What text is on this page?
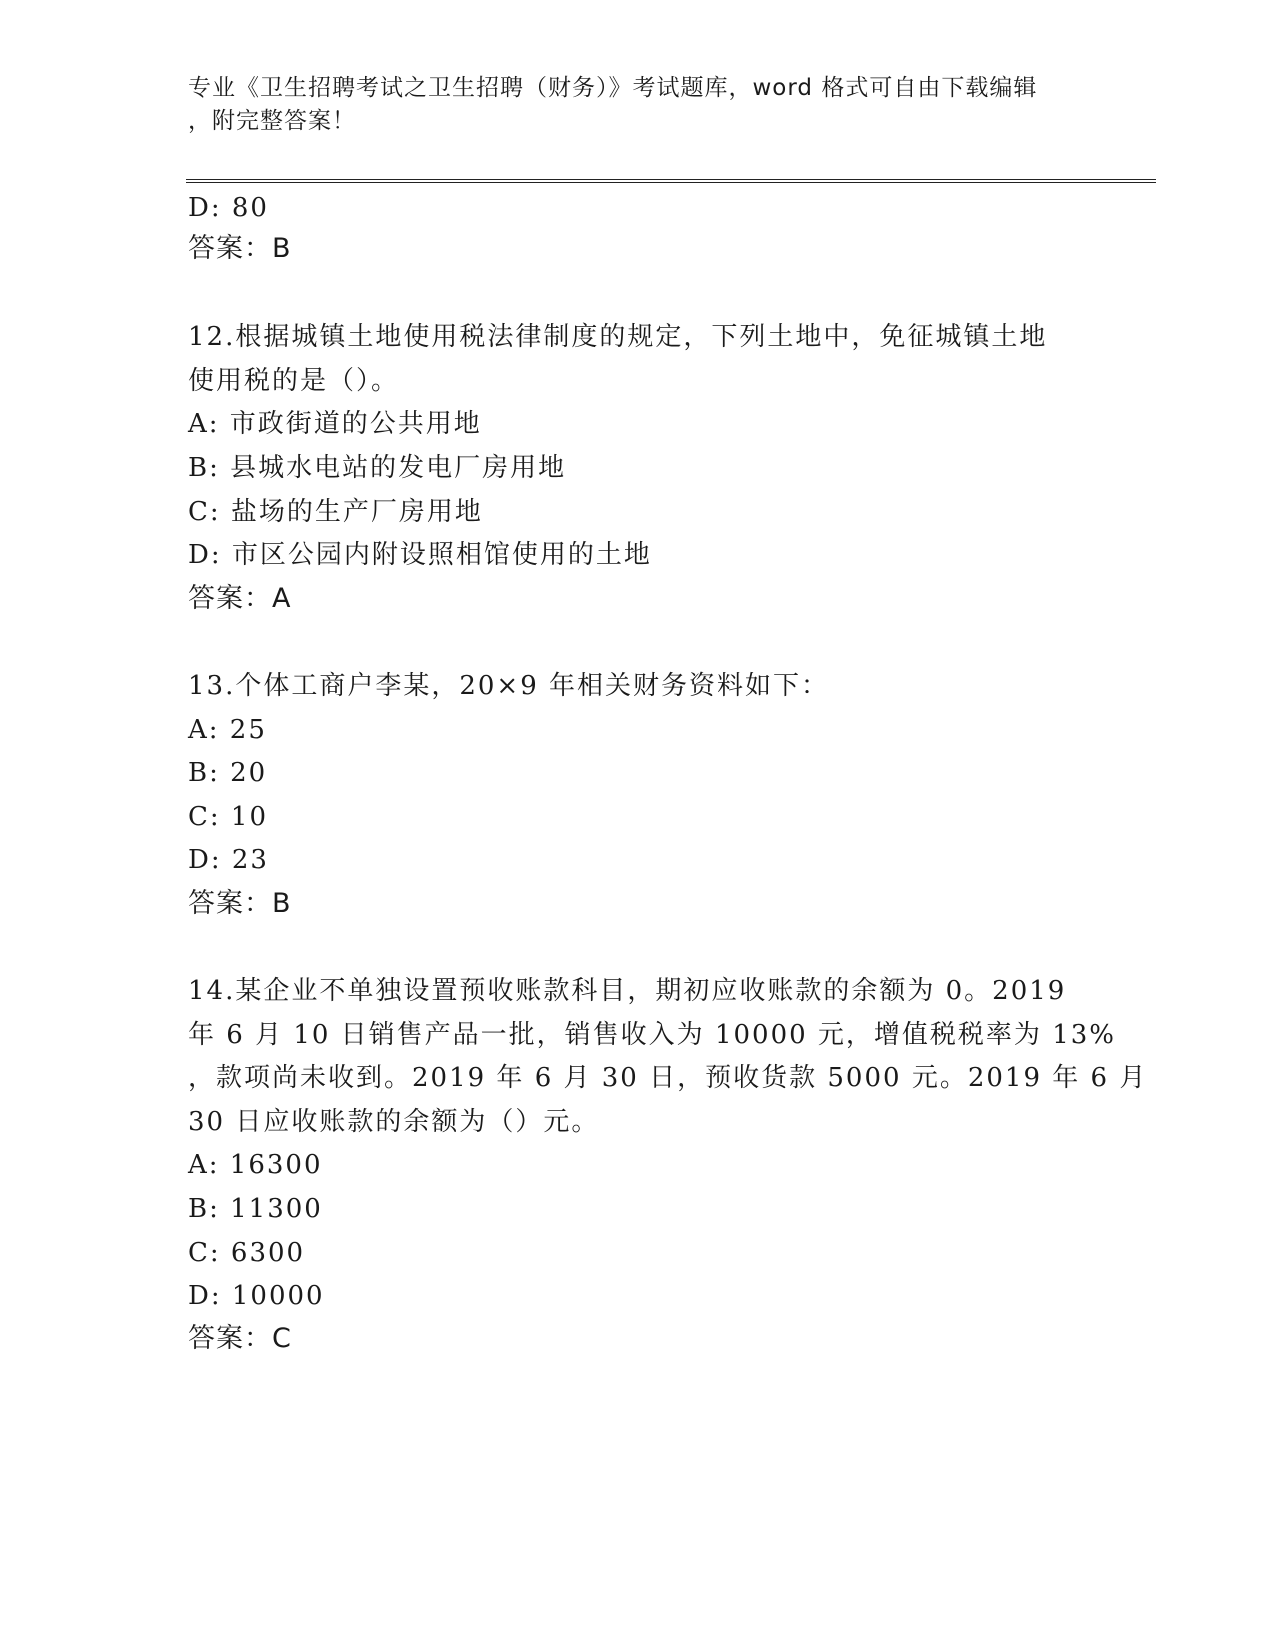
专业《卫生招聘考试之卫生招聘（财务）》考试题库，word 格式可自由下载编辑
，附完整答案！
D: 80
答案：B
12.根据城镇土地使用税法律制度的规定，下列土地中，免征城镇土地
使用税的是（）。
A: 市政街道的公共用地
B: 县城水电站的发电厂房用地
C: 盐场的生产厂房用地
D: 市区公园内附设照相馆使用的土地
答案：A
13.个体工商户李某，20×9 年相关财务资料如下：
A: 25
B: 20
C: 10
D: 23
答案：B
14.某企业不单独设置预收账款科目，期初应收账款的余额为 0。2019
年 6 月 10 日销售产品一批，销售收入为 10000 元，增值税税率为 13%
，款项尚未收到。2019 年 6 月 30 日，预收货款 5000 元。2019 年 6 月
30 日应收账款的余额为（）元。
A: 16300
B: 11300
C: 6300
D: 10000
答案：C
